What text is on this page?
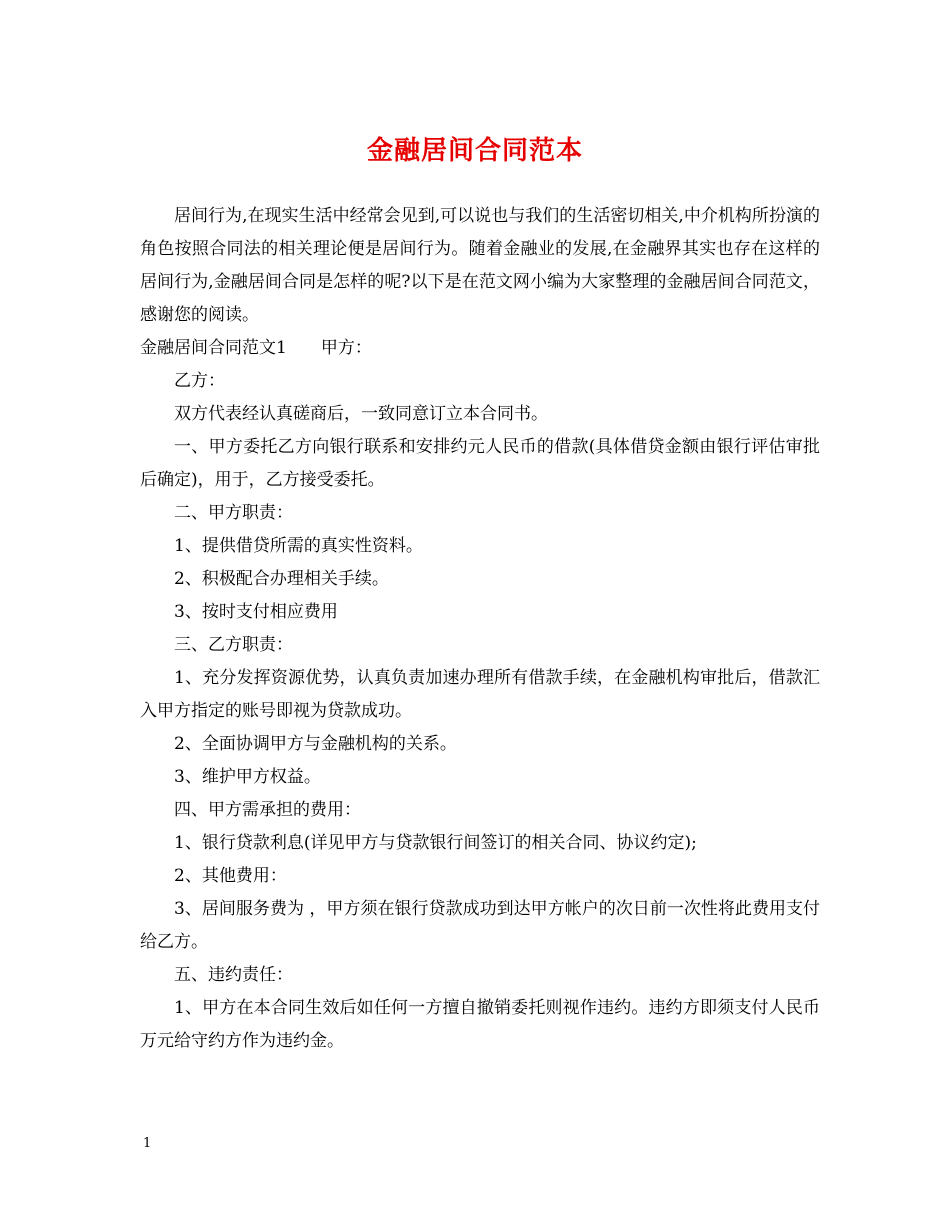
金融居间合同范本

居间行为,在现实生活中经常会见到,可以说也与我们的生活密切相关,中介机构所扮演的角色按照合同法的相关理论便是居间行为。随着金融业的发展,在金融界其实也存在这样的居间行为,金融居间合同是怎样的呢?以下是在范文网小编为大家整理的金融居间合同范文，感谢您的阅读。

金融居间合同范文1 甲方：

乙方：

双方代表经认真磋商后，一致同意订立本合同书。

一、甲方委托乙方向银行联系和安排约元人民币的借款(具体借贷金额由银行评估审批后确定)，用于，乙方接受委托。

二、甲方职责：

1、提供借贷所需的真实性资料。

2、积极配合办理相关手续。

3、按时支付相应费用

三、乙方职责：

1、充分发挥资源优势，认真负责加速办理所有借款手续，在金融机构审批后，借款汇入甲方指定的账号即视为贷款成功。

2、全面协调甲方与金融机构的关系。

3、维护甲方权益。

四、甲方需承担的费用：

1、银行贷款利息(详见甲方与贷款银行间签订的相关合同、协议约定);

2、其他费用：

3、居间服务费为 ，甲方须在银行贷款成功到达甲方帐户的次日前一次性将此费用支付给乙方。

五、违约责任：

1、甲方在本合同生效后如任何一方擅自撤销委托则视作违约。违约方即须支付人民币万元给守约方作为违约金。

1
